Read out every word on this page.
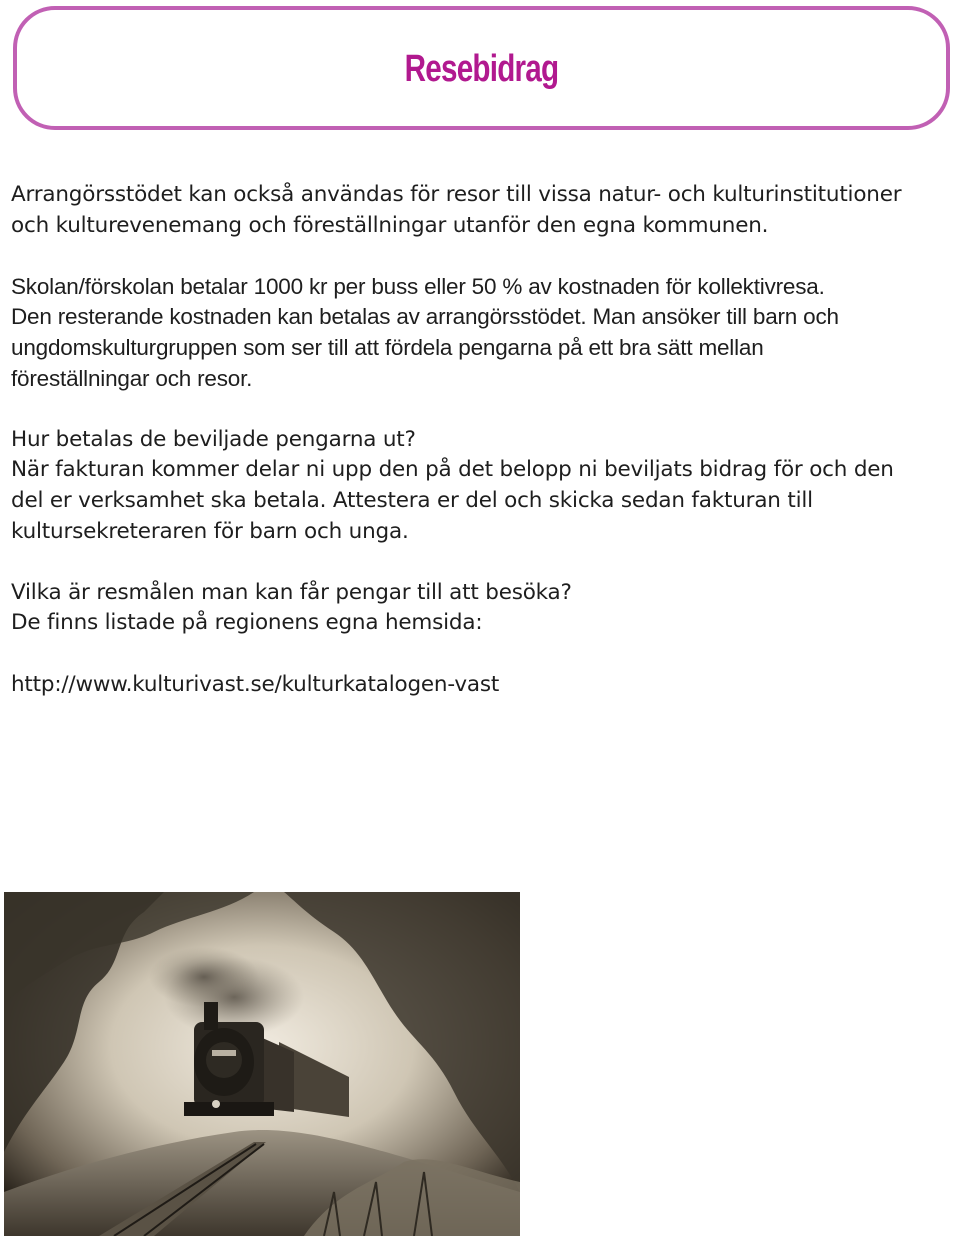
Resebidrag

Arrangörsstödet kan också användas för resor till vissa natur- och kulturinstitutioner
och kulturevenemang och föreställningar utanför den egna kommunen.

Skolan/förskolan betalar 1000 kr per buss eller 50 % av kostnaden för kollektivresa.
Den resterande kostnaden kan betalas av arrangörsstödet. Man ansöker till barn och
ungdomskulturgruppen som ser till att fördela pengarna på ett bra sätt mellan
föreställningar och resor.

Hur betalas de beviljade pengarna ut?
När fakturan kommer delar ni upp den på det belopp ni beviljats bidrag för och den
del er verksamhet ska betala. Attestera er del och skicka sedan fakturan till
kultursekreteraren för barn och unga.

Vilka är resmålen man kan får pengar till att besöka?
De finns listade på regionens egna hemsida:

http://www.kulturivast.se/kulturkatalogen-vast
